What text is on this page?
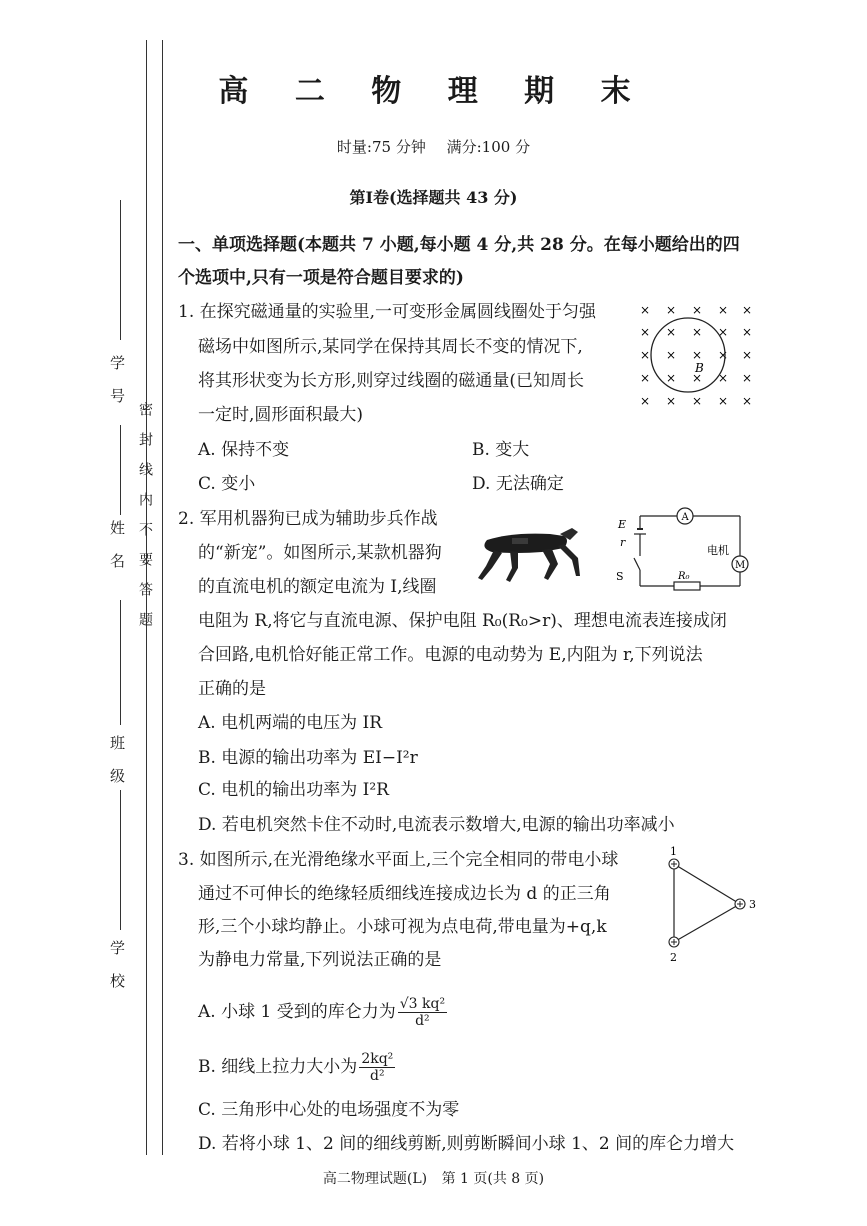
学 号
密 封 线 内 不 要 答 题
姓 名
班 级
学 校
高 二 物 理 期 末
时量:75 分钟 满分:100 分
第Ⅰ卷(选择题共 43 分)
一、单项选择题(本题共 7 小题,每小题 4 分,共 28 分。在每小题给出的四
个选项中,只有一项是符合题目要求的)
1. 在探究磁通量的实验里,一可变形金属圆线圈处于匀强
磁场中如图所示,某同学在保持其周长不变的情况下,
将其形状变为长方形,则穿过线圈的磁通量(已知周长
一定时,圆形面积最大)
× × × × ×
× × × × ×
× × × × ×
× × × × ×
× × × × ×
B
A. 保持不变	B. 变大
C. 变小	D. 无法确定
2. 军用机器狗已成为辅助步兵作战
的“新宠”。如图所示,某款机器狗
的直流电机的额定电流为 I,线圈
电阻为 R,将它与直流电源、保护电阻 R₀(R₀>r)、理想电流表连接成闭
合回路,电机恰好能正常工作。电源的电动势为 E,内阻为 r,下列说法
正确的是
A
M
电机
R₀
S
E
r
A. 电机两端的电压为 IR
B. 电源的输出功率为 EI−I²r
C. 电机的输出功率为 I²R
D. 若电机突然卡住不动时,电流表示数增大,电源的输出功率减小
3. 如图所示,在光滑绝缘水平面上,三个完全相同的带电小球
通过不可伸长的绝缘轻质细线连接成边长为 d 的正三角
形,三个小球均静止。小球可视为点电荷,带电量为+q,k
为静电力常量,下列说法正确的是
1
2
3
A. 小球 1 受到的库仑力为 $\frac{\text{√3 kq²}}{\text{d²}}$
B. 细线上拉力大小为 $\frac{\text{2kq²}}{\text{d²}}$
C. 三角形中心处的电场强度不为零
D. 若将小球 1、2 间的细线剪断,则剪断瞬间小球 1、2 间的库仑力增大
高二物理试题(L) 第 1 页(共 8 页)
